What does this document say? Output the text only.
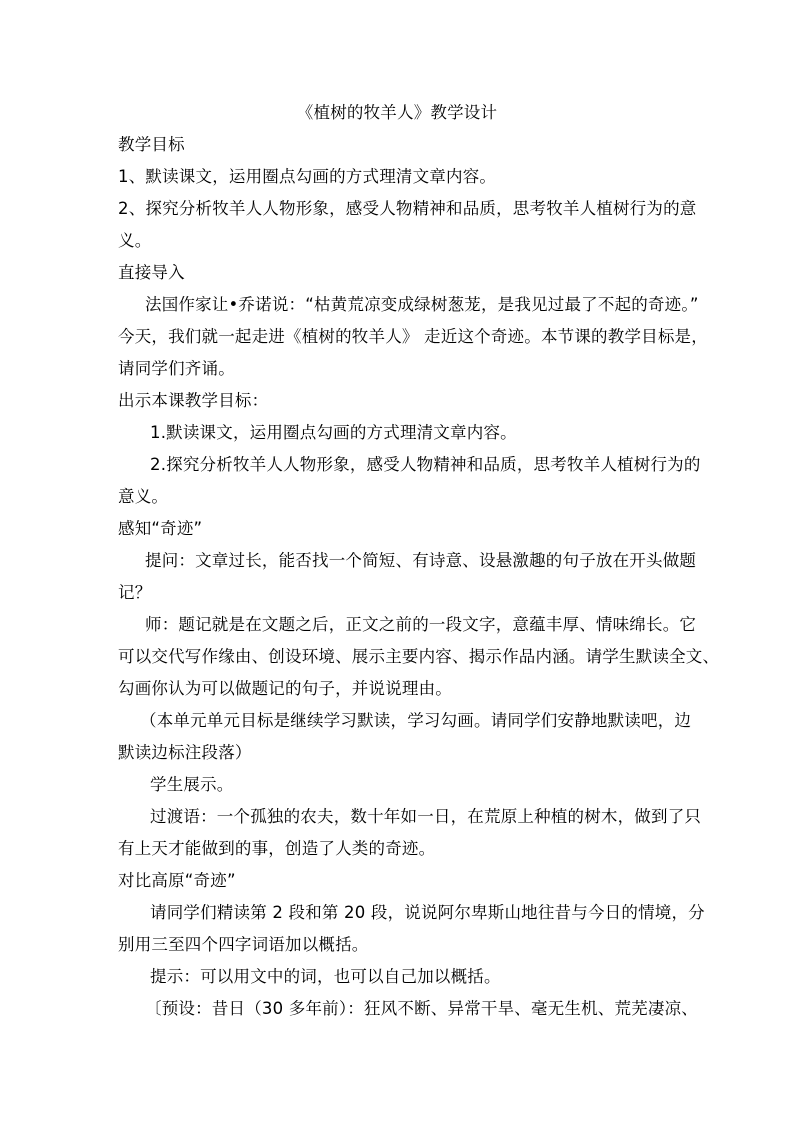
《植树的牧羊人》教学设计
教学目标
1、默读课文，运用圈点勾画的方式理清文章内容。
2、探究分析牧羊人人物形象，感受人物精神和品质，思考牧羊人植树行为的意
义。
直接导入
法国作家让•乔诺说：“枯黄荒凉变成绿树葱茏，是我见过最了不起的奇迹。”
今天，我们就一起走进《植树的牧羊人》 走近这个奇迹。本节课的教学目标是，
请同学们齐诵。
出示本课教学目标：
1.默读课文，运用圈点勾画的方式理清文章内容。
2.探究分析牧羊人人物形象，感受人物精神和品质，思考牧羊人植树行为的
意义。
感知“奇迹”
提问：文章过长，能否找一个简短、有诗意、设悬激趣的句子放在开头做题
记？
师：题记就是在文题之后，正文之前的一段文字，意蕴丰厚、情味绵长。它
可以交代写作缘由、创设环境、展示主要内容、揭示作品内涵。请学生默读全文、
勾画你认为可以做题记的句子，并说说理由。
（本单元单元目标是继续学习默读，学习勾画。请同学们安静地默读吧，边
默读边标注段落）
学生展示。
过渡语：一个孤独的农夫，数十年如一日，在荒原上种植的树木，做到了只
有上天才能做到的事，创造了人类的奇迹。
对比高原“奇迹”
请同学们精读第 2 段和第 20 段，说说阿尔卑斯山地往昔与今日的情境，分
别用三至四个四字词语加以概括。
提示：可以用文中的词，也可以自己加以概括。
〔预设：昔日（30 多年前）：狂风不断、异常干旱、毫无生机、荒芜凄凉、
